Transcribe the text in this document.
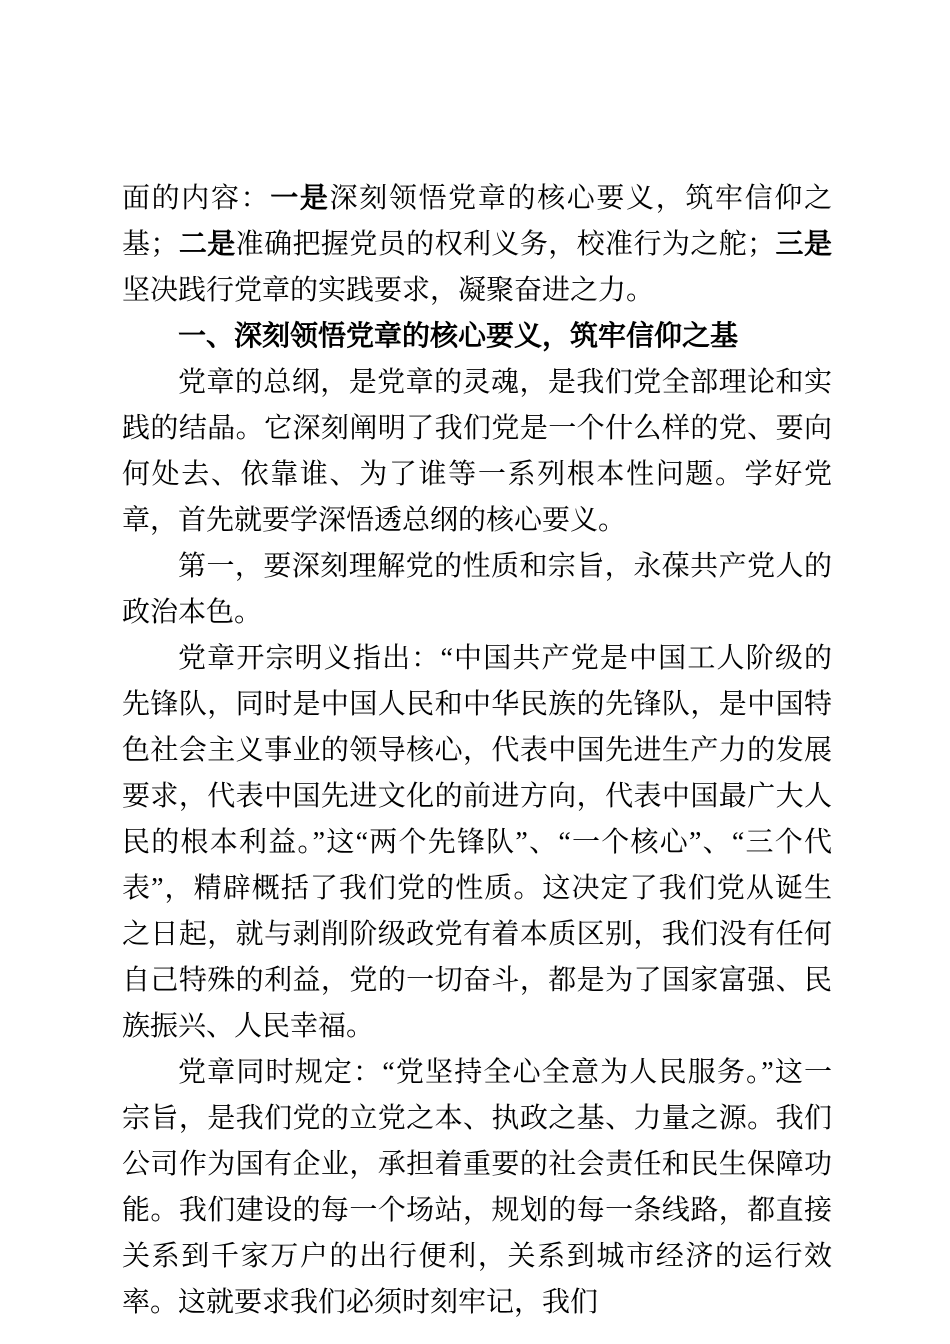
面的内容：一是深刻领悟党章的核心要义，筑牢信仰之基；二是准确把握党员的权利义务，校准行为之舵；三是坚决践行党章的实践要求，凝聚奋进之力。

一、深刻领悟党章的核心要义，筑牢信仰之基

党章的总纲，是党章的灵魂，是我们党全部理论和实践的结晶。它深刻阐明了我们党是一个什么样的党、要向何处去、依靠谁、为了谁等一系列根本性问题。学好党章，首先就要学深悟透总纲的核心要义。

第一，要深刻理解党的性质和宗旨，永葆共产党人的政治本色。

党章开宗明义指出：“中国共产党是中国工人阶级的先锋队，同时是中国人民和中华民族的先锋队，是中国特色社会主义事业的领导核心，代表中国先进生产力的发展要求，代表中国先进文化的前进方向，代表中国最广大人民的根本利益。”这“两个先锋队”、“一个核心”、“三个代表”，精辟概括了我们党的性质。这决定了我们党从诞生之日起，就与剥削阶级政党有着本质区别，我们没有任何自己特殊的利益，党的一切奋斗，都是为了国家富强、民族振兴、人民幸福。

党章同时规定：“党坚持全心全意为人民服务。”这一宗旨，是我们党的立党之本、执政之基、力量之源。我们公司作为国有企业，承担着重要的社会责任和民生保障功能。我们建设的每一个场站，规划的每一条线路，都直接关系到千家万户的出行便利，关系到城市经济的运行效率。这就要求我们必须时刻牢记，我们
